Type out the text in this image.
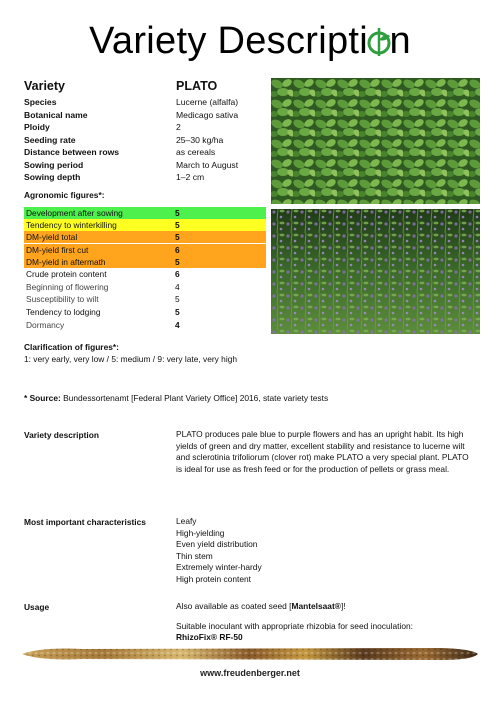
Variety Descripti n
Variety	PLATO
Species	Lucerne (alfalfa)
Botanical name	Medicago sativa
Ploidy	2
Seeding rate	25–30 kg/ha
Distance between rows	as cereals
Sowing period	March to August
Sowing depth	1–2 cm
Agronomic figures*:
Development after sowing	5
Tendency to winterkilling	5
DM-yield total	5
DM-yield first cut	6
DM-yield in aftermath	5
Crude protein content	6
Beginning of flowering	4
Susceptibility to wilt	5
Tendency to lodging	5
Dormancy	4
Clarification of figures*:
1: very early, very low / 5: medium / 9: very late, very high
* Source: Bundessortenamt [Federal Plant Variety Office] 2016, state variety tests
Variety description	PLATO produces pale blue to purple flowers and has an upright habit. Its high yields of green and dry matter, excellent stability and resistance to lucerne wilt and sclerotinia trifoliorum (clover rot) make PLATO a very special plant. PLATO is ideal for use as fresh feed or for the production of pellets or grass meal.
Most important characteristics	Leafy
High-yielding
Even yield distribution
Thin stem
Extremely winter-hardy
High protein content
Usage	Also available as coated seed [Mantelsaat®]!
Suitable inoculant with appropriate rhizobia for seed inoculation:
RhizoFix® RF-50
www.freudenberger.net
